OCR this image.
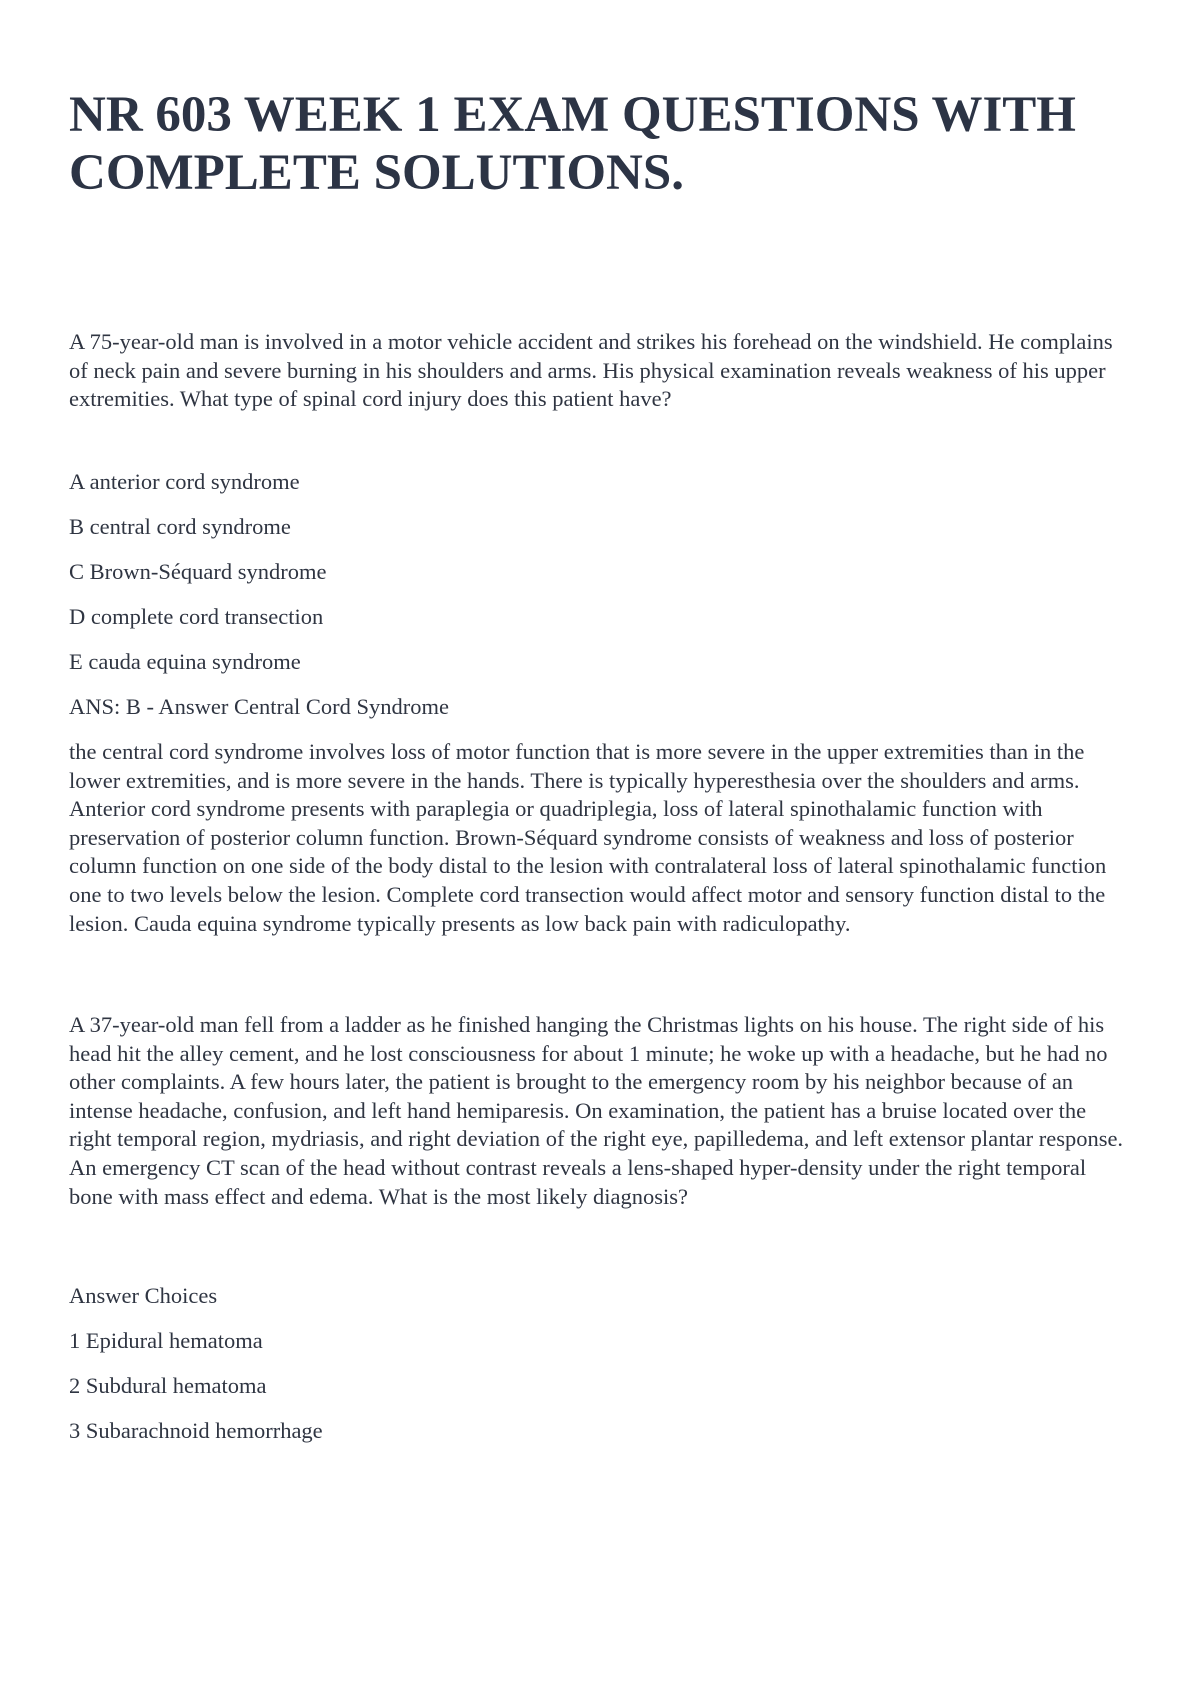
NR 603 WEEK 1 EXAM QUESTIONS WITH COMPLETE SOLUTIONS.

A 75-year-old man is involved in a motor vehicle accident and strikes his forehead on the windshield. He complains of neck pain and severe burning in his shoulders and arms. His physical examination reveals weakness of his upper extremities. What type of spinal cord injury does this patient have?

A anterior cord syndrome

B central cord syndrome

C Brown-Séquard syndrome

D complete cord transection

E cauda equina syndrome

ANS: B - Answer Central Cord Syndrome

the central cord syndrome involves loss of motor function that is more severe in the upper extremities than in the lower extremities, and is more severe in the hands. There is typically hyperesthesia over the shoulders and arms. Anterior cord syndrome presents with paraplegia or quadriplegia, loss of lateral spinothalamic function with preservation of posterior column function. Brown-Séquard syndrome consists of weakness and loss of posterior column function on one side of the body distal to the lesion with contralateral loss of lateral spinothalamic function one to two levels below the lesion. Complete cord transection would affect motor and sensory function distal to the lesion. Cauda equina syndrome typically presents as low back pain with radiculopathy.

A 37-year-old man fell from a ladder as he finished hanging the Christmas lights on his house. The right side of his head hit the alley cement, and he lost consciousness for about 1 minute; he woke up with a headache, but he had no other complaints. A few hours later, the patient is brought to the emergency room by his neighbor because of an intense headache, confusion, and left hand hemiparesis. On examination, the patient has a bruise located over the right temporal region, mydriasis, and right deviation of the right eye, papilledema, and left extensor plantar response. An emergency CT scan of the head without contrast reveals a lens-shaped hyper-density under the right temporal bone with mass effect and edema. What is the most likely diagnosis?

Answer Choices

1 Epidural hematoma

2 Subdural hematoma

3 Subarachnoid hemorrhage
